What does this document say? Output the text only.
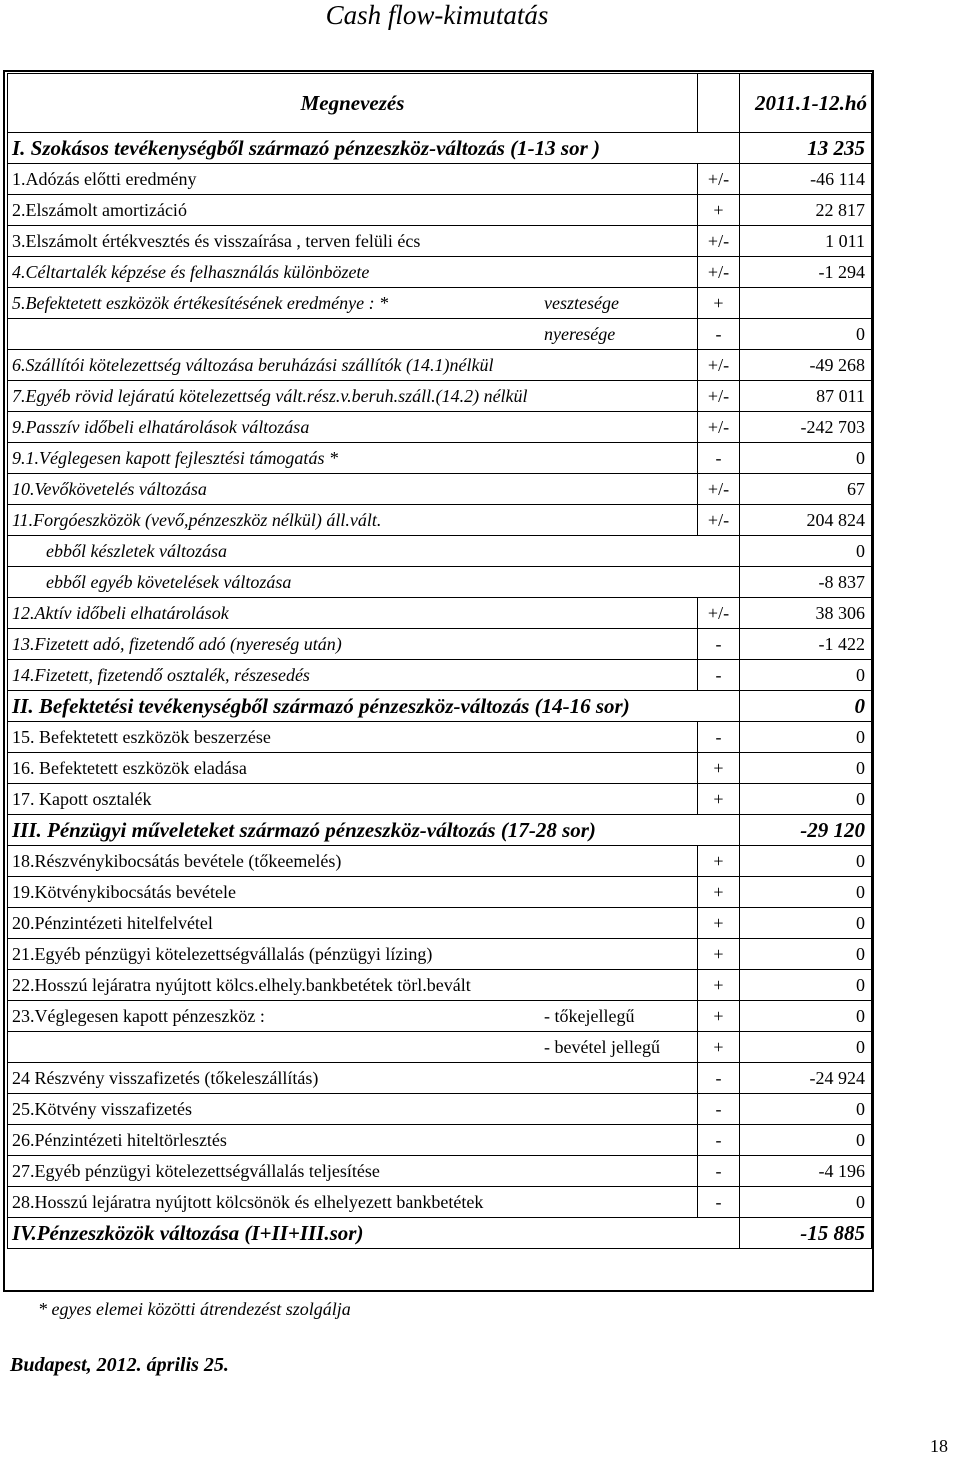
Cash flow-kimutatás
Megnevezés		2011.1-12.hó
I. Szokásos tevékenységből származó pénzeszköz-változás (1-13 sor )		13 235
1.Adózás előtti eredmény	+/-	-46 114
2.Elszámolt amortizáció	+	22 817
3.Elszámolt értékvesztés és visszaírása , terven felüli écs	+/-	1 011
4.Céltartalék képzése és felhasználás különbözete	+/-	-1 294
5.Befektetett eszközök értékesítésének eredménye : * vesztesége	+	

nyeresége	-	0
6.Szállítói kötelezettség változása beruházási szállítók (14.1)nélkül	+/-	-49 268
7.Egyéb rövid lejáratú kötelezettség vált.rész.v.beruh.száll.(14.2) nélkül	+/-	87 011
9.Passzív időbeli elhatárolások változása	+/-	-242 703
9.1.Véglegesen kapott fejlesztési támogatás *	-	0
10.Vevőkövetelés változása	+/-	67
11.Forgóeszközök (vevő,pénzeszköz nélkül) áll.vált.	+/-	204 824
ebből készletek változása		0
ebből egyéb követelések változása		-8 837
12.Aktív időbeli elhatárolások	+/-	38 306
13.Fizetett adó, fizetendő adó (nyereség után)	-	-1 422
14.Fizetett, fizetendő osztalék, részesedés	-	0
II. Befektetési tevékenységből származó pénzeszköz-változás (14-16 sor)		0
15. Befektetett eszközök beszerzése	-	0
16. Befektetett eszközök eladása	+	0
17. Kapott osztalék	+	0
III. Pénzügyi műveleteket származó pénzeszköz-változás (17-28 sor)		-29 120
18.Részvénykibocsátás bevétele (tőkeemelés)	+	0
19.Kötvénykibocsátás bevétele	+	0
20.Pénzintézeti hitelfelvétel	+	0
21.Egyéb pénzügyi kötelezettségvállalás (pénzügyi lízing)	+	0
22.Hosszú lejáratra nyújtott kölcs.elhely.bankbetétek törl.bevált	+	0
23.Véglegesen kapott pénzeszköz : - tőkejellegű	+	0

- bevétel jellegű	+	0
24 Részvény visszafizetés (tőkeleszállítás)	-	-24 924
25.Kötvény visszafizetés	-	0
26.Pénzintézeti hiteltörlesztés	-	0
27.Egyéb pénzügyi kötelezettségvállalás teljesítése	-	-4 196
28.Hosszú lejáratra nyújtott kölcsönök és elhelyezett bankbetétek	-	0
IV.Pénzeszközök változása (I+II+III.sor)		-15 885
* egyes elemei közötti átrendezést szolgálja
Budapest, 2012. április 25.
18
